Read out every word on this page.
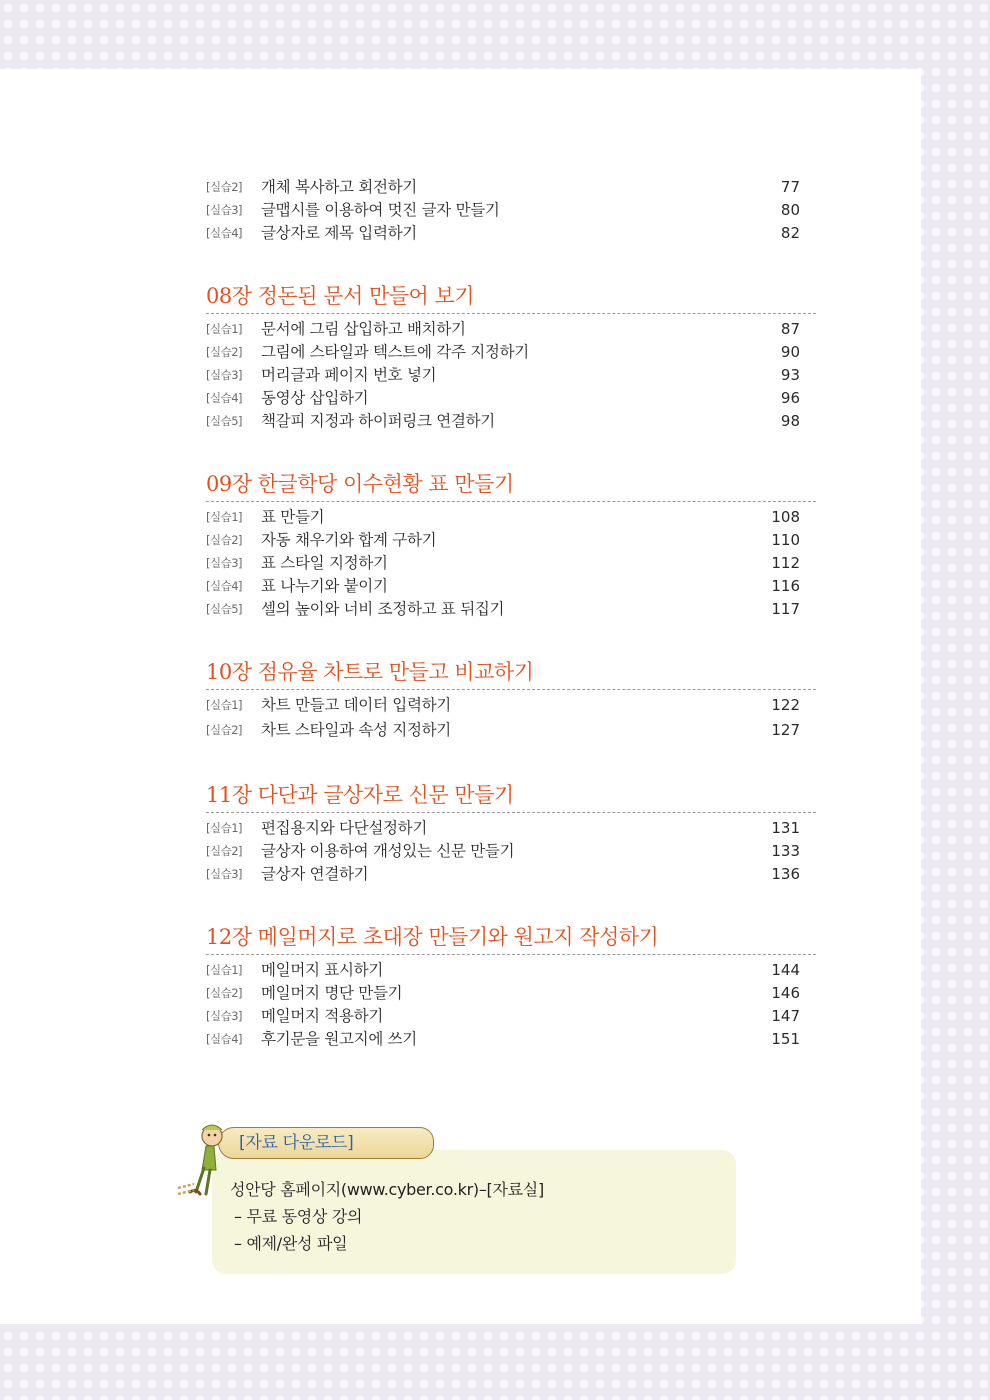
[실습2] 개체 복사하고 회전하기	77
[실습3] 글맵시를 이용하여 멋진 글자 만들기	80
[실습4] 글상자로 제목 입력하기	82
08장 정돈된 문서 만들어 보기
[실습1] 문서에 그림 삽입하고 배치하기	87
[실습2] 그림에 스타일과 텍스트에 각주 지정하기	90
[실습3] 머리글과 페이지 번호 넣기	93
[실습4] 동영상 삽입하기	96
[실습5] 책갈피 지정과 하이퍼링크 연결하기	98
09장 한글학당 이수현황 표 만들기
[실습1] 표 만들기	108
[실습2] 자동 채우기와 합계 구하기	110
[실습3] 표 스타일 지정하기	112
[실습4] 표 나누기와 붙이기	116
[실습5] 셀의 높이와 너비 조정하고 표 뒤집기	117
10장 점유율 차트로 만들고 비교하기
[실습1] 차트 만들고 데이터 입력하기	122
[실습2] 차트 스타일과 속성 지정하기	127
11장 다단과 글상자로 신문 만들기
[실습1] 편집용지와 다단설정하기	131
[실습2] 글상자 이용하여 개성있는 신문 만들기	133
[실습3] 글상자 연결하기	136
12장 메일머지로 초대장 만들기와 원고지 작성하기
[실습1] 메일머지 표시하기	144
[실습2] 메일머지 명단 만들기	146
[실습3] 메일머지 적용하기	147
[실습4] 후기문을 원고지에 쓰기	151
[자료 다운로드]
성안당 홈페이지(www.cyber.co.kr)–[자료실]
– 무료 동영상 강의
– 예제/완성 파일
